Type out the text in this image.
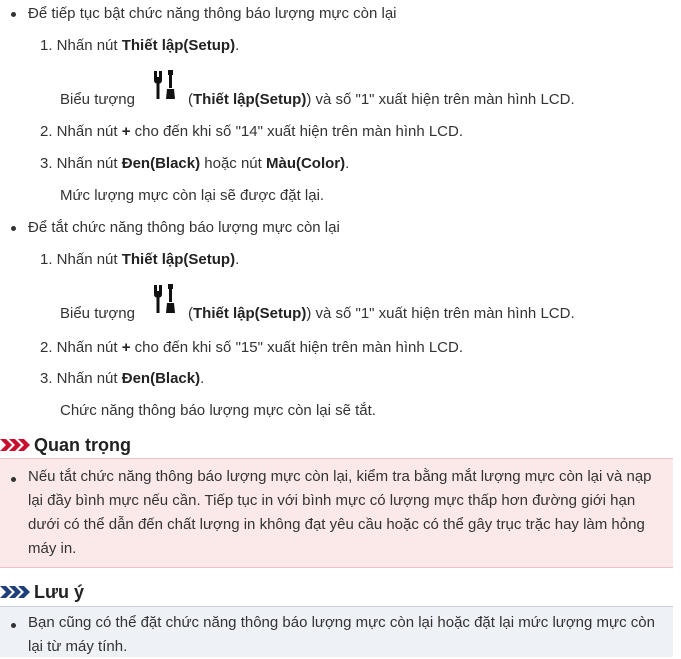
Để tiếp tục bật chức năng thông báo lượng mực còn lại
1. Nhấn nút Thiết lập(Setup).
Biểu tượng	(Thiết lập(Setup)) và số "1" xuất hiện trên màn hình LCD.
2. Nhấn nút + cho đến khi số "14" xuất hiện trên màn hình LCD.
3. Nhấn nút Đen(Black) hoặc nút Màu(Color).
Mức lượng mực còn lại sẽ được đặt lại.
Để tắt chức năng thông báo lượng mực còn lại
1. Nhấn nút Thiết lập(Setup).
Biểu tượng	(Thiết lập(Setup)) và số "1" xuất hiện trên màn hình LCD.
2. Nhấn nút + cho đến khi số "15" xuất hiện trên màn hình LCD.
3. Nhấn nút Đen(Black).
Chức năng thông báo lượng mực còn lại sẽ tắt.
Quan trọng
Nếu tắt chức năng thông báo lượng mực còn lại, kiểm tra bằng mắt lượng mực còn lại và nạp lại đầy bình mực nếu cần. Tiếp tục in với bình mực có lượng mực thấp hơn đường giới hạn dưới có thể dẫn đến chất lượng in không đạt yêu cầu hoặc có thể gây trục trặc hay làm hỏng máy in.
Lưu ý
Bạn cũng có thể đặt chức năng thông báo lượng mực còn lại hoặc đặt lại mức lượng mực còn lại từ máy tính.
